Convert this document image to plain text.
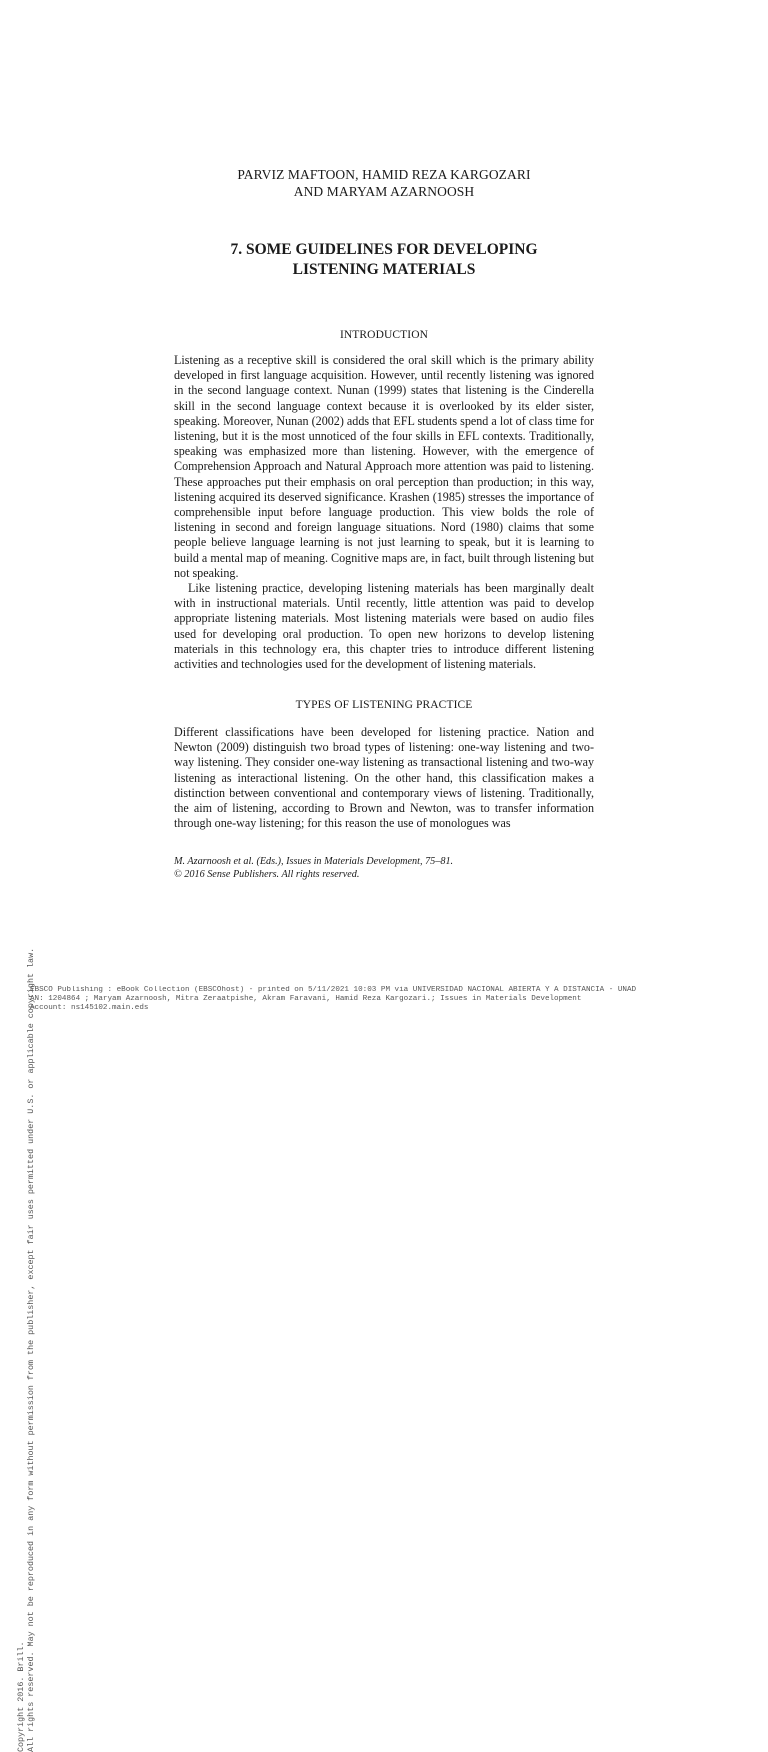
Copyright 2016. Brill. All rights reserved. May not be reproduced in any form without permission from the publisher, except fair uses permitted under U.S. or applicable copyright law.
PARVIZ MAFTOON, HAMID REZA KARGOZARI
AND MARYAM AZARNOOSH
7. SOME GUIDELINES FOR DEVELOPING
LISTENING MATERIALS
INTRODUCTION

Listening as a receptive skill is considered the oral skill which is the primary ability developed in first language acquisition. However, until recently listening was ignored in the second language context. Nunan (1999) states that listening is the Cinderella skill in the second language context because it is overlooked by its elder sister, speaking. Moreover, Nunan (2002) adds that EFL students spend a lot of class time for listening, but it is the most unnoticed of the four skills in EFL contexts. Traditionally, speaking was emphasized more than listening. However, with the emergence of Comprehension Approach and Natural Approach more attention was paid to listening. These approaches put their emphasis on oral perception than production; in this way, listening acquired its deserved significance. Krashen (1985) stresses the importance of comprehensible input before language production. This view bolds the role of listening in second and foreign language situations. Nord (1980) claims that some people believe language learning is not just learning to speak, but it is learning to build a mental map of meaning. Cognitive maps are, in fact, built through listening but not speaking.

Like listening practice, developing listening materials has been marginally dealt with in instructional materials. Until recently, little attention was paid to develop appropriate listening materials. Most listening materials were based on audio files used for developing oral production. To open new horizons to develop listening materials in this technology era, this chapter tries to introduce different listening activities and technologies used for the development of listening materials.

TYPES OF LISTENING PRACTICE

Different classifications have been developed for listening practice. Nation and Newton (2009) distinguish two broad types of listening: one-way listening and two-way listening. They consider one-way listening as transactional listening and two-way listening as interactional listening. On the other hand, this classification makes a distinction between conventional and contemporary views of listening. Traditionally, the aim of listening, according to Brown and Newton, was to transfer information through one-way listening; for this reason the use of monologues was

M. Azarnoosh et al. (Eds.), Issues in Materials Development, 75–81.
© 2016 Sense Publishers. All rights reserved.
EBSCO Publishing : eBook Collection (EBSCOhost) - printed on 5/11/2021 10:03 PM via UNIVERSIDAD NACIONAL ABIERTA Y A DISTANCIA - UNAD
AN: 1204864 ; Maryam Azarnoosh, Mitra Zeraatpishe, Akram Faravani, Hamid Reza Kargozari.; Issues in Materials Development
Account: ns145102.main.eds
